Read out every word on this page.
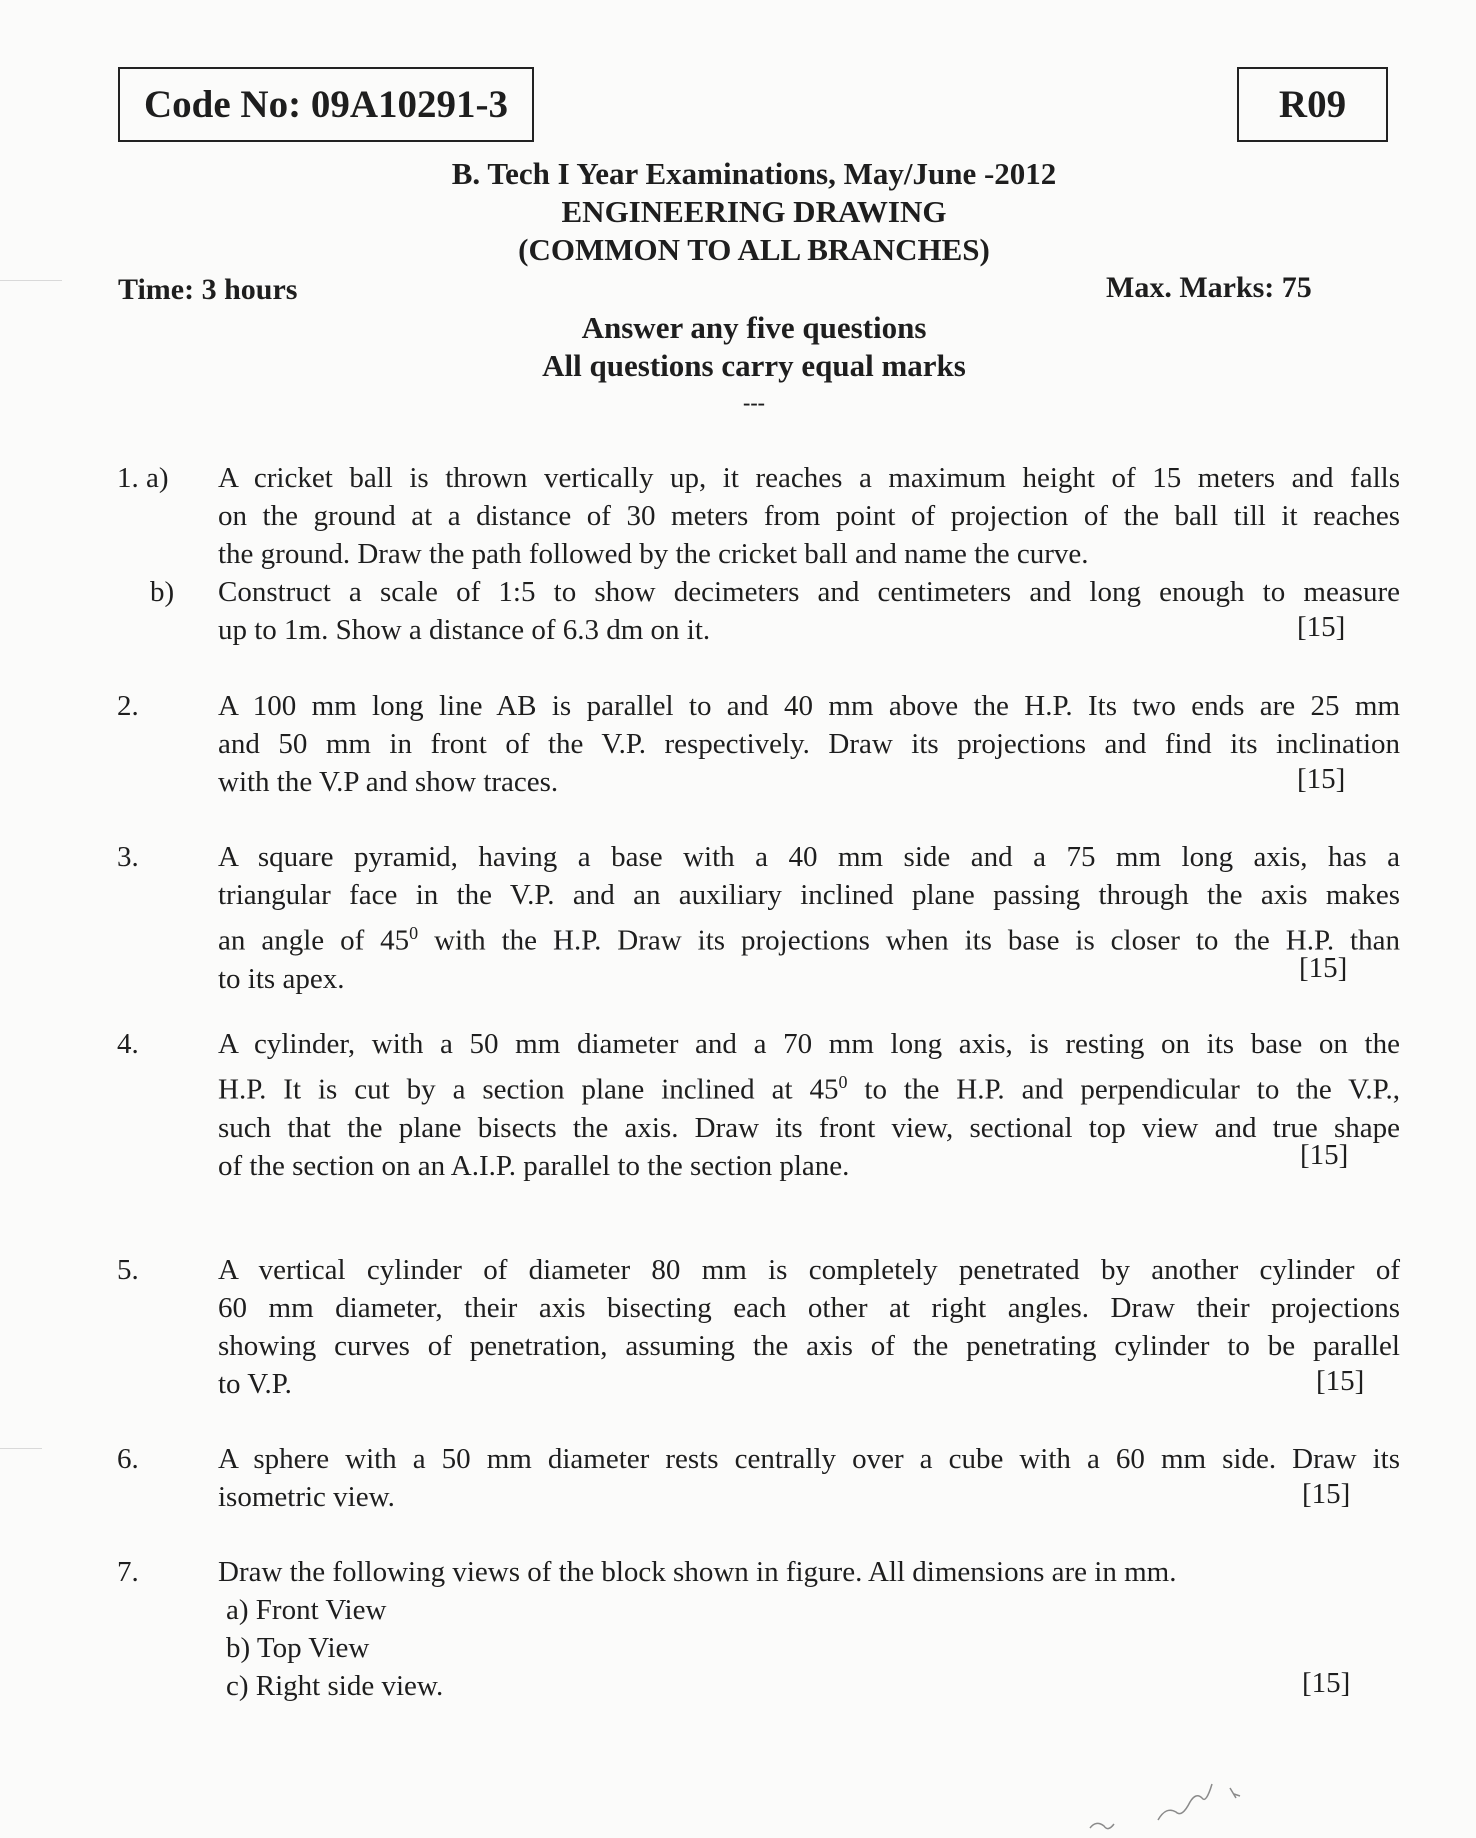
Code No: 09A10291-3	R09
B. Tech I Year Examinations, May/June -2012
ENGINEERING DRAWING
(COMMON TO ALL BRANCHES)
Time: 3 hours	Max. Marks: 75
Answer any five questions
All questions carry equal marks
---
1. a)	A cricket ball is thrown vertically up, it reaches a maximum height of 15 meters and falls
on the ground at a distance of 30 meters from point of projection of the ball till it reaches
the ground. Draw the path followed by the cricket ball and name the curve.
b)	Construct a scale of 1:5 to show decimeters and centimeters and long enough to measure
up to 1m. Show a distance of 6.3 dm on it.	[15]
2.	A 100 mm long line AB is parallel to and 40 mm above the H.P. Its two ends are 25 mm
and 50 mm in front of the V.P. respectively. Draw its projections and find its inclination
with the V.P and show traces.	[15]
3.	A square pyramid, having a base with a 40 mm side and a 75 mm long axis, has a
triangular face in the V.P. and an auxiliary inclined plane passing through the axis makes
an angle of $45^0$ with the H.P. Draw its projections when its base is closer to the H.P. than
to its apex.	[15]
4.	A cylinder, with a 50 mm diameter and a 70 mm long axis, is resting on its base on the
H.P. It is cut by a section plane inclined at $45^0$ to the H.P. and perpendicular to the V.P.,
such that the plane bisects the axis. Draw its front view, sectional top view and true shape
of the section on an A.I.P. parallel to the section plane.	[15]
5.	A vertical cylinder of diameter 80 mm is completely penetrated by another cylinder of
60 mm diameter, their axis bisecting each other at right angles. Draw their projections
showing curves of penetration, assuming the axis of the penetrating cylinder to be parallel
to V.P.	[15]
6.	A sphere with a 50 mm diameter rests centrally over a cube with a 60 mm side. Draw its
isometric view.	[15]
7.	Draw the following views of the block shown in figure. All dimensions are in mm.
a) Front View
b) Top View
c) Right side view.	[15]
